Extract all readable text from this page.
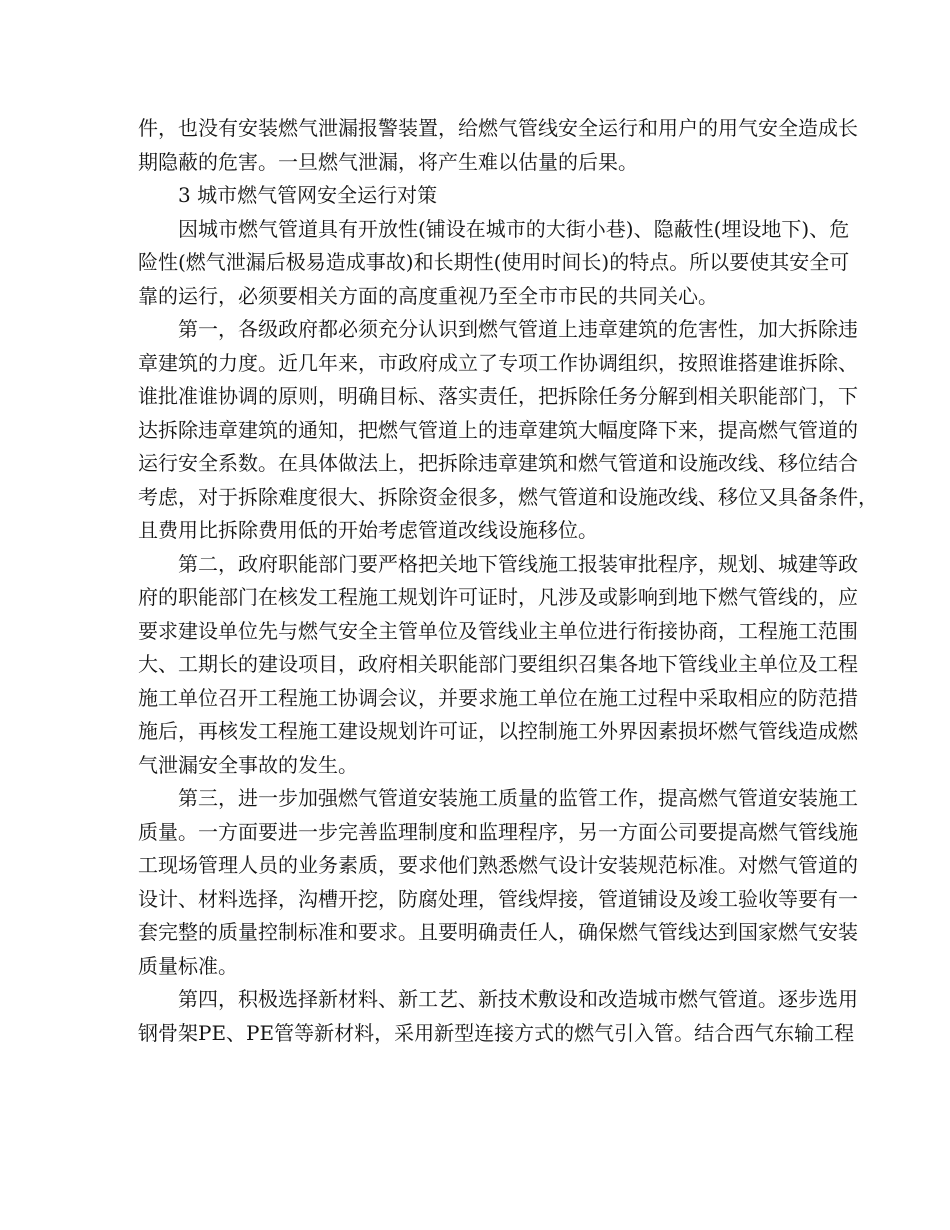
件，也没有安装燃气泄漏报警装置，给燃气管线安全运行和用户的用气安全造成长
期隐蔽的危害。一旦燃气泄漏，将产生难以估量的后果。
3 城市燃气管网安全运行对策
因城市燃气管道具有开放性(铺设在城市的大街小巷)、隐蔽性(埋设地下)、危
险性(燃气泄漏后极易造成事故)和长期性(使用时间长)的特点。所以要使其安全可
靠的运行，必须要相关方面的高度重视乃至全市市民的共同关心。
第一，各级政府都必须充分认识到燃气管道上违章建筑的危害性，加大拆除违
章建筑的力度。近几年来，市政府成立了专项工作协调组织，按照谁搭建谁拆除、
谁批准谁协调的原则，明确目标、落实责任，把拆除任务分解到相关职能部门，下
达拆除违章建筑的通知，把燃气管道上的违章建筑大幅度降下来，提高燃气管道的
运行安全系数。在具体做法上，把拆除违章建筑和燃气管道和设施改线、移位结合
考虑，对于拆除难度很大、拆除资金很多，燃气管道和设施改线、移位又具备条件，
且费用比拆除费用低的开始考虑管道改线设施移位。
第二，政府职能部门要严格把关地下管线施工报装审批程序，规划、城建等政
府的职能部门在核发工程施工规划许可证时，凡涉及或影响到地下燃气管线的，应
要求建设单位先与燃气安全主管单位及管线业主单位进行衔接协商，工程施工范围
大、工期长的建设项目，政府相关职能部门要组织召集各地下管线业主单位及工程
施工单位召开工程施工协调会议，并要求施工单位在施工过程中采取相应的防范措
施后，再核发工程施工建设规划许可证，以控制施工外界因素损坏燃气管线造成燃
气泄漏安全事故的发生。
第三，进一步加强燃气管道安装施工质量的监管工作，提高燃气管道安装施工
质量。一方面要进一步完善监理制度和监理程序，另一方面公司要提高燃气管线施
工现场管理人员的业务素质，要求他们熟悉燃气设计安装规范标准。对燃气管道的
设计、材料选择，沟槽开挖，防腐处理，管线焊接，管道铺设及竣工验收等要有一
套完整的质量控制标准和要求。且要明确责任人，确保燃气管线达到国家燃气安装
质量标准。
第四，积极选择新材料、新工艺、新技术敷设和改造城市燃气管道。逐步选用
钢骨架PE、PE管等新材料，采用新型连接方式的燃气引入管。结合西气东输工程
